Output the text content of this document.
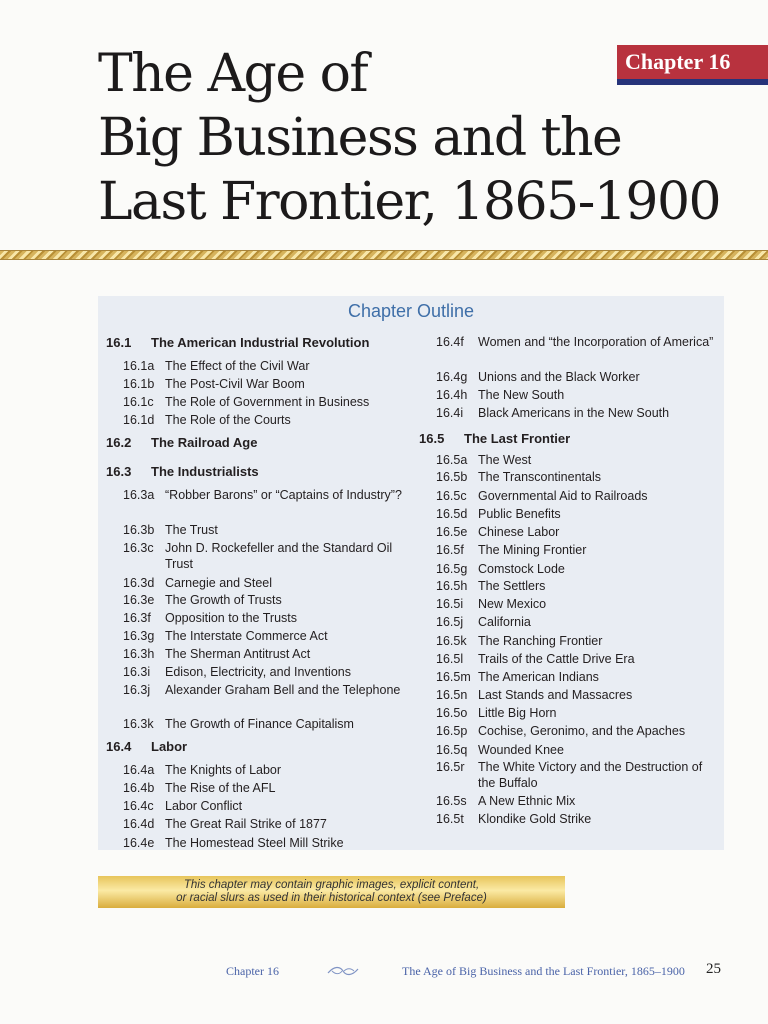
The Age of
Big Business and the
Last Frontier, 1865-1900
Chapter 16
Chapter Outline
16.1 The American Industrial Revolution
16.1a The Effect of the Civil War
16.1b The Post-Civil War Boom
16.1c The Role of Government in Business
16.1d The Role of the Courts
16.2 The Railroad Age
16.3 The Industrialists
16.3a “Robber Barons” or “Captains of Industry”?
16.3b The Trust
16.3c John D. Rockefeller and the Standard Oil Trust
16.3d Carnegie and Steel
16.3e The Growth of Trusts
16.3f Opposition to the Trusts
16.3g The Interstate Commerce Act
16.3h The Sherman Antitrust Act
16.3i Edison, Electricity, and Inventions
16.3j Alexander Graham Bell and the Telephone
16.3k The Growth of Finance Capitalism
16.4 Labor
16.4a The Knights of Labor
16.4b The Rise of the AFL
16.4c Labor Conflict
16.4d The Great Rail Strike of 1877
16.4e The Homestead Steel Mill Strike
16.4f Women and “the Incorporation of America”
16.4g Unions and the Black Worker
16.4h The New South
16.4i Black Americans in the New South
16.5 The Last Frontier
16.5a The West
16.5b The Transcontinentals
16.5c Governmental Aid to Railroads
16.5d Public Benefits
16.5e Chinese Labor
16.5f The Mining Frontier
16.5g Comstock Lode
16.5h The Settlers
16.5i New Mexico
16.5j California
16.5k The Ranching Frontier
16.5l Trails of the Cattle Drive Era
16.5m The American Indians
16.5n Last Stands and Massacres
16.5o Little Big Horn
16.5p Cochise, Geronimo, and the Apaches
16.5q Wounded Knee
16.5r The White Victory and the Destruction of the Buffalo
16.5s A New Ethnic Mix
16.5t Klondike Gold Strike
This chapter may contain graphic images, explicit content,
or racial slurs as used in their historical context (see Preface)
Chapter 16	The Age of Big Business and the Last Frontier, 1865–1900 25
